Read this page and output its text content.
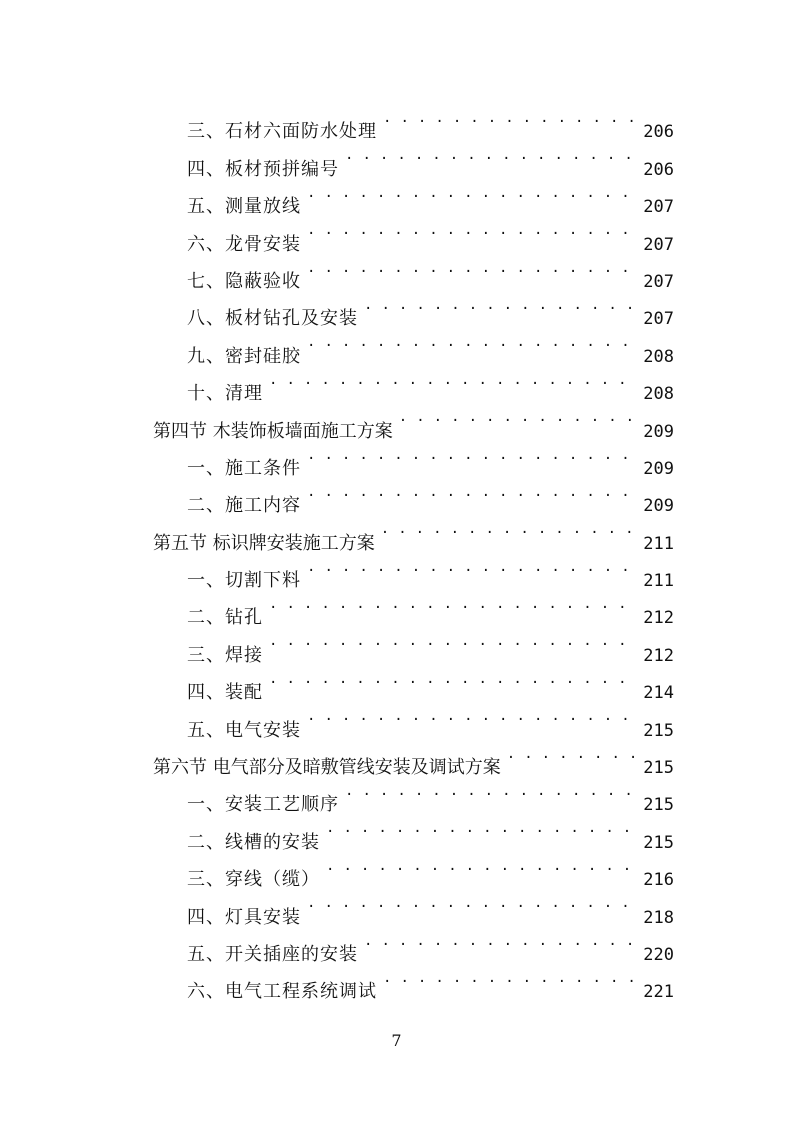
三、石材六面防水处理 . . .	206
四、板材预拼编号 . . .	206
五、测量放线 . . .	207
六、龙骨安装 . . .	207
七、隐蔽验收 . . .	207
八、板材钻孔及安装 . . .	207
九、密封硅胶 . . .	208
十、清理 . . .	208
第四节 木装饰板墙面施工方案 . . .	209
一、施工条件 . . .	209
二、施工内容 . . .	209
第五节 标识牌安装施工方案 . . .	211
一、切割下料 . . .	211
二、钻孔 . . .	212
三、焊接 . . .	212
四、装配 . . .	214
五、电气安装 . . .	215
第六节 电气部分及暗敷管线安装及调试方案 . . .	215
一、安装工艺顺序 . . .	215
二、线槽的安装 . . .	215
三、穿线（缆） . . .	216
四、灯具安装 . . .	218
五、开关插座的安装 . . .	220
六、电气工程系统调试 . . .	221
7
